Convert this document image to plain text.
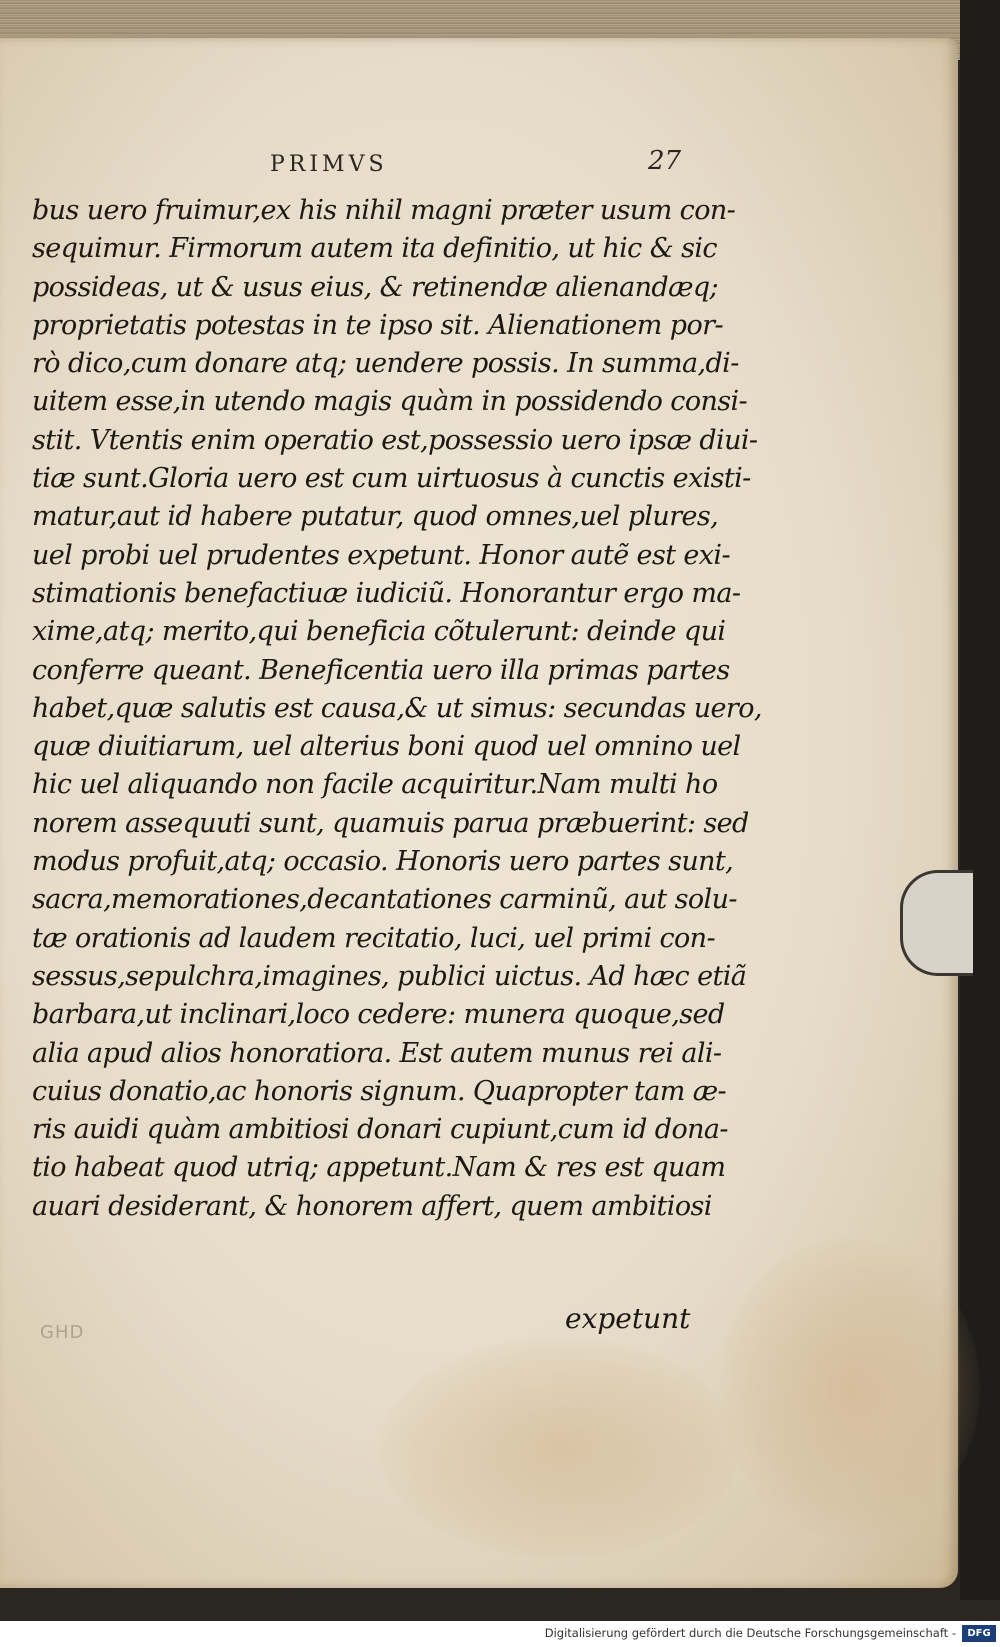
PRIMVS	27
bus uero fruimur,ex his nihil magni præter usum con-
sequimur. Firmorum autem ita definitio, ut hic & sic
possideas, ut & usus eius, & retinendæ alienandæq;
proprietatis potestas in te ipso sit. Alienationem por-
rò dico,cum donare atq; uendere possis. In summa,di-
uitem esse,in utendo magis quàm in possidendo consi-
stit. Vtentis enim operatio est,possessio uero ipsæ diui-
tiæ sunt.Gloria uero est cum uirtuosus à cunctis existi-
matur,aut id habere putatur, quod omnes,uel plures,
uel probi uel prudentes expetunt. Honor autẽ est exi-
stimationis benefactiuæ iudiciũ. Honorantur ergo ma-
xime,atq; merito,qui beneficia cõtulerunt: deinde qui
conferre queant. Beneficentia uero illa primas partes
habet,quæ salutis est causa,& ut simus: secundas uero,
quæ diuitiarum, uel alterius boni quod uel omnino uel
hic uel aliquando non facile acquiritur.Nam multi ho
norem assequuti sunt, quamuis parua præbuerint: sed
modus profuit,atq; occasio. Honoris uero partes sunt,
sacra,memorationes,decantationes carminũ, aut solu-
tæ orationis ad laudem recitatio, luci, uel primi con-
sessus,sepulchra,imagines, publici uictus. Ad hæc etiã
barbara,ut inclinari,loco cedere: munera quoque,sed
alia apud alios honoratiora. Est autem munus rei ali-
cuius donatio,ac honoris signum. Quapropter tam æ-
ris auidi quàm ambitiosi donari cupiunt,cum id dona-
tio habeat quod utriq; appetunt.Nam & res est quam
auari desiderant, & honorem affert, quem ambitiosi
expetunt
GHD
Digitalisierung gefördert durch die Deutsche Forschungsgemeinschaft -	DFG
